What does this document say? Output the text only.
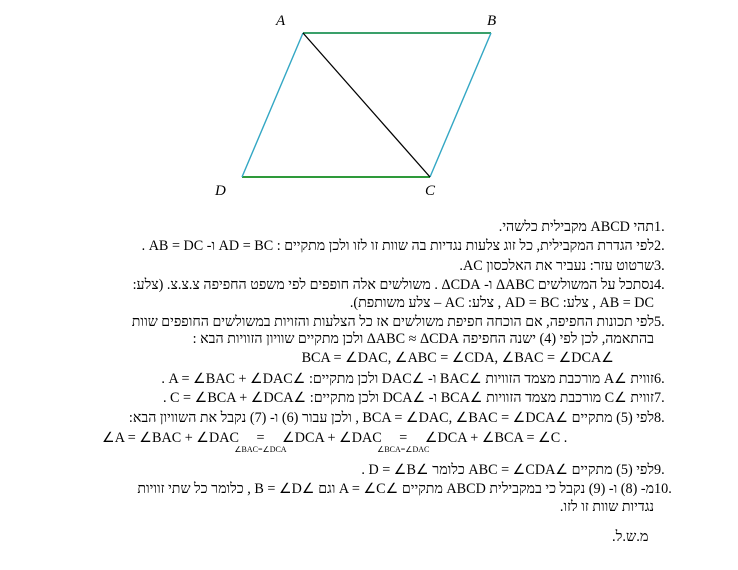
A	B
C
D
1.
תהי ABCD מקבילית כלשהי.
2.
לפי הגדרת המקבילית, כל זוג צלעות נגדיות בה שוות זו לזו ולכן מתקיים : AD = BC ו- AB = DC .
3.
שרטוט עזר: נעביר את האלכסון AC.
4.
נסתכל על המשולשים ΔABC ו- ΔCDA . משולשים אלה חופפים לפי משפט החפיפה צ.צ.צ. (צלע:
AB = DC , צלע: AD = BC , צלע: AC – צלע משותפת).
5.
לפי תכונות החפיפה, אם הוכחה חפיפת משולשים אז כל הצלעות והזויות במשולשים החופפים שוות
בהתאמה, לכן לפי (4) ישנה החפיפה ΔABC ≈ ΔCDA ולכן מתקיים שוויון הזוויות הבא :
∠BCA = ∠DAC, ∠ABC = ∠CDA, ∠BAC = ∠DCA
6.
זווית ∠A מורכבת מצמד הזוויות ∠BAC ו- ∠DAC ולכן מתקיים: ∠A = ∠BAC + ∠DAC .
7.
זווית ∠C מורכבת מצמד הזוויות ∠BCA ו- ∠DCA ולכן מתקיים: ∠C = ∠BCA + ∠DCA .
8.
לפי (5) מתקיים ∠BCA = ∠DAC, ∠BAC = ∠DCA , ולכן עבור (6) ו- (7) נקבל את השוויון הבא:
∠A = ∠BAC + ∠DAC =
∠BAC=∠DCA
∠DCA + ∠DAC =
∠BCA=∠DAC
∠DCA + ∠BCA = ∠C .
9.
לפי (5) מתקיים ∠ABC = ∠CDA כלומר ∠D = ∠B .
10.
מ- (8) ו- (9) נקבל כי במקבילית ABCD מתקיים ∠A = ∠C וגם ∠B = ∠D , כלומר כל שתי זוויות
נגדיות שוות זו לזו.
מ.ש.ל.
